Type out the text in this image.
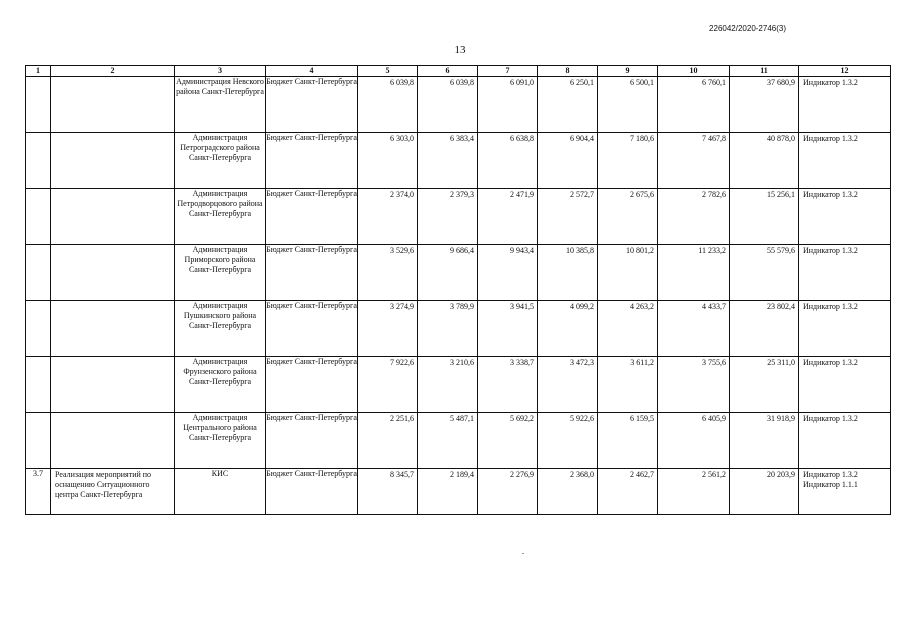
226042/2020-2746(3)
13
1	2	3	4	5	6	7	8	9	10	11	12
		Администрация Невского района Санкт-Петербурга	Бюджет Санкт-Петербурга	6 039,8	6 039,8	6 091,0	6 250,1	6 500,1	6 760,1	37 680,9	Индикатор 1.3.2
		Администрация Петроградского района Санкт-Петербурга	Бюджет Санкт-Петербурга	6 303,0	6 383,4	6 638,8	6 904,4	7 180,6	7 467,8	40 878,0	Индикатор 1.3.2
		Администрация Петродворцового района Санкт-Петербурга	Бюджет Санкт-Петербурга	2 374,0	2 379,3	2 471,9	2 572,7	2 675,6	2 782,6	15 256,1	Индикатор 1.3.2
		Администрация Приморского района Санкт-Петербурга	Бюджет Санкт-Петербурга	3 529,6	9 686,4	9 943,4	10 385,8	10 801,2	11 233,2	55 579,6	Индикатор 1.3.2
		Администрация Пушкинского района Санкт-Петербурга	Бюджет Санкт-Петербурга	3 274,9	3 789,9	3 941,5	4 099,2	4 263,2	4 433,7	23 802,4	Индикатор 1.3.2
		Администрация Фрунзенского района Санкт-Петербурга	Бюджет Санкт-Петербурга	7 922,6	3 210,6	3 338,7	3 472,3	3 611,2	3 755,6	25 311,0	Индикатор 1.3.2
		Администрация Центрального района Санкт-Петербурга	Бюджет Санкт-Петербурга	2 251,6	5 487,1	5 692,2	5 922,6	6 159,5	6 405,9	31 918,9	Индикатор 1.3.2
3.7	Реализация мероприятий по оснащению Ситуационного центра Санкт-Петербурга	КИС	Бюджет Санкт-Петербурга	8 345,7	2 189,4	2 276,9	2 368,0	2 462,7	2 561,2	20 203,9	Индикатор 1.3.2 Индикатор 1.1.1
